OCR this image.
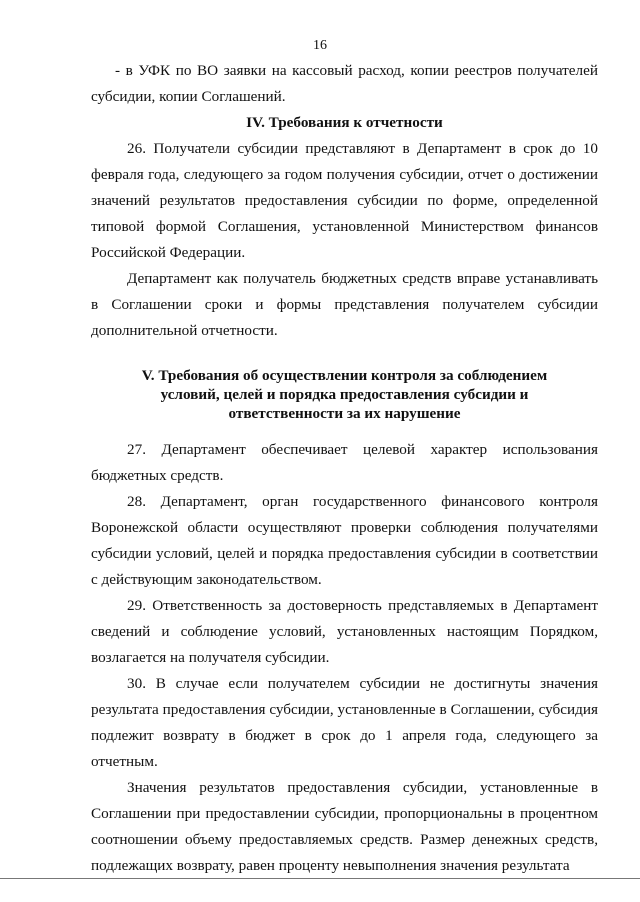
16

- в УФК по ВО заявки на кассовый расход, копии реестров получателей субсидии, копии Соглашений.

IV. Требования к отчетности

26. Получатели субсидии представляют в Департамент в срок до 10 февраля года, следующего за годом получения субсидии, отчет о достижении значений результатов предоставления субсидии по форме, определенной типовой формой Соглашения, установленной Министерством финансов Российской Федерации.

Департамент как получатель бюджетных средств вправе устанавливать в Соглашении сроки и формы представления получателем субсидии дополнительной отчетности.

V. Требования об осуществлении контроля за соблюдением
условий, целей и порядка предоставления субсидии и
ответственности за их нарушение

27. Департамент обеспечивает целевой характер использования бюджетных средств.

28. Департамент, орган государственного финансового контроля Воронежской области осуществляют проверки соблюдения получателями субсидии условий, целей и порядка предоставления субсидии в соответствии с действующим законодательством.

29. Ответственность за достоверность представляемых в Департамент сведений и соблюдение условий, установленных настоящим Порядком, возлагается на получателя субсидии.

30. В случае если получателем субсидии не достигнуты значения результата предоставления субсидии, установленные в Соглашении, субсидия подлежит возврату в бюджет в срок до 1 апреля года, следующего за отчетным.

Значения результатов предоставления субсидии, установленные в Соглашении при предоставлении субсидии, пропорциональны в процентном соотношении объему предоставляемых средств. Размер денежных средств, подлежащих возврату, равен проценту невыполнения значения результата
